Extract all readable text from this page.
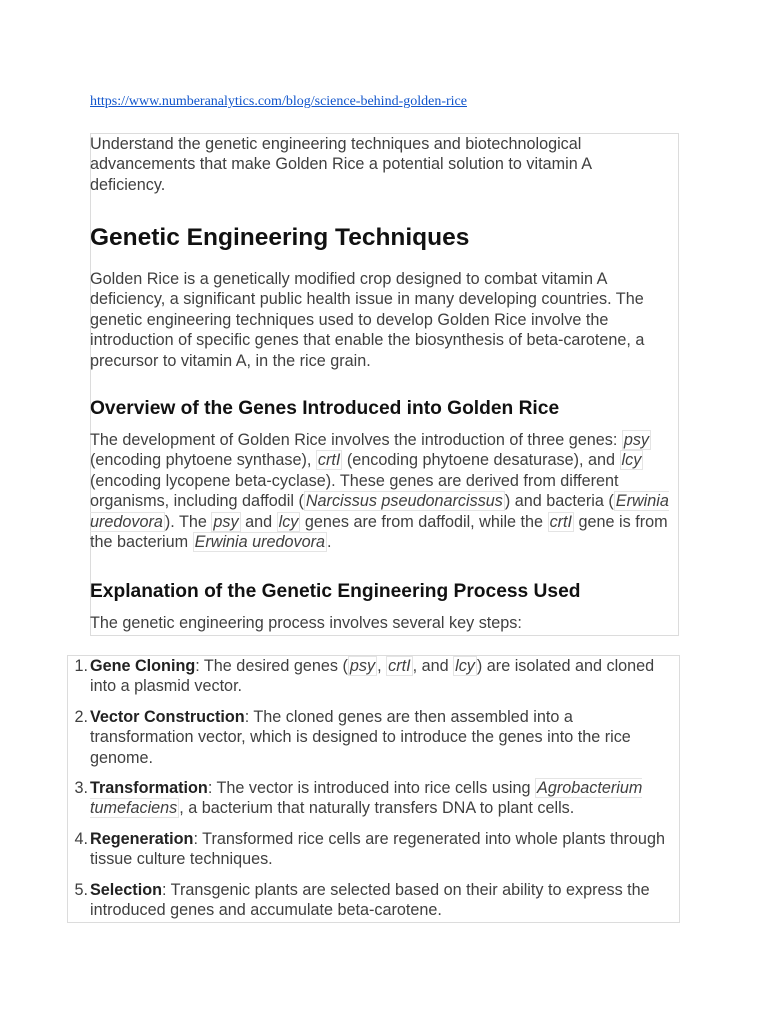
https://www.numberanalytics.com/blog/science-behind-golden-rice

Understand the genetic engineering techniques and biotechnological advancements that make Golden Rice a potential solution to vitamin A deficiency.

Genetic Engineering Techniques

Golden Rice is a genetically modified crop designed to combat vitamin A deficiency, a significant public health issue in many developing countries. The genetic engineering techniques used to develop Golden Rice involve the introduction of specific genes that enable the biosynthesis of beta-carotene, a precursor to vitamin A, in the rice grain.

Overview of the Genes Introduced into Golden Rice

The development of Golden Rice involves the introduction of three genes: psy (encoding phytoene synthase), crtI (encoding phytoene desaturase), and lcy (encoding lycopene beta-cyclase). These genes are derived from different organisms, including daffodil ( Narcissus pseudonarcissus ) and bacteria ( Erwinia uredovora ). The psy and lcy genes are from daffodil, while the crtI gene is from the bacterium Erwinia uredovora .

Explanation of the Genetic Engineering Process Used

The genetic engineering process involves several key steps:

1. Gene Cloning: The desired genes ( psy , crtI , and lcy ) are isolated and cloned into a plasmid vector.
2. Vector Construction: The cloned genes are then assembled into a transformation vector, which is designed to introduce the genes into the rice genome.
3. Transformation: The vector is introduced into rice cells using Agrobacterium tumefaciens , a bacterium that naturally transfers DNA to plant cells.
4. Regeneration: Transformed rice cells are regenerated into whole plants through tissue culture techniques.
5. Selection: Transgenic plants are selected based on their ability to express the introduced genes and accumulate beta-carotene.
